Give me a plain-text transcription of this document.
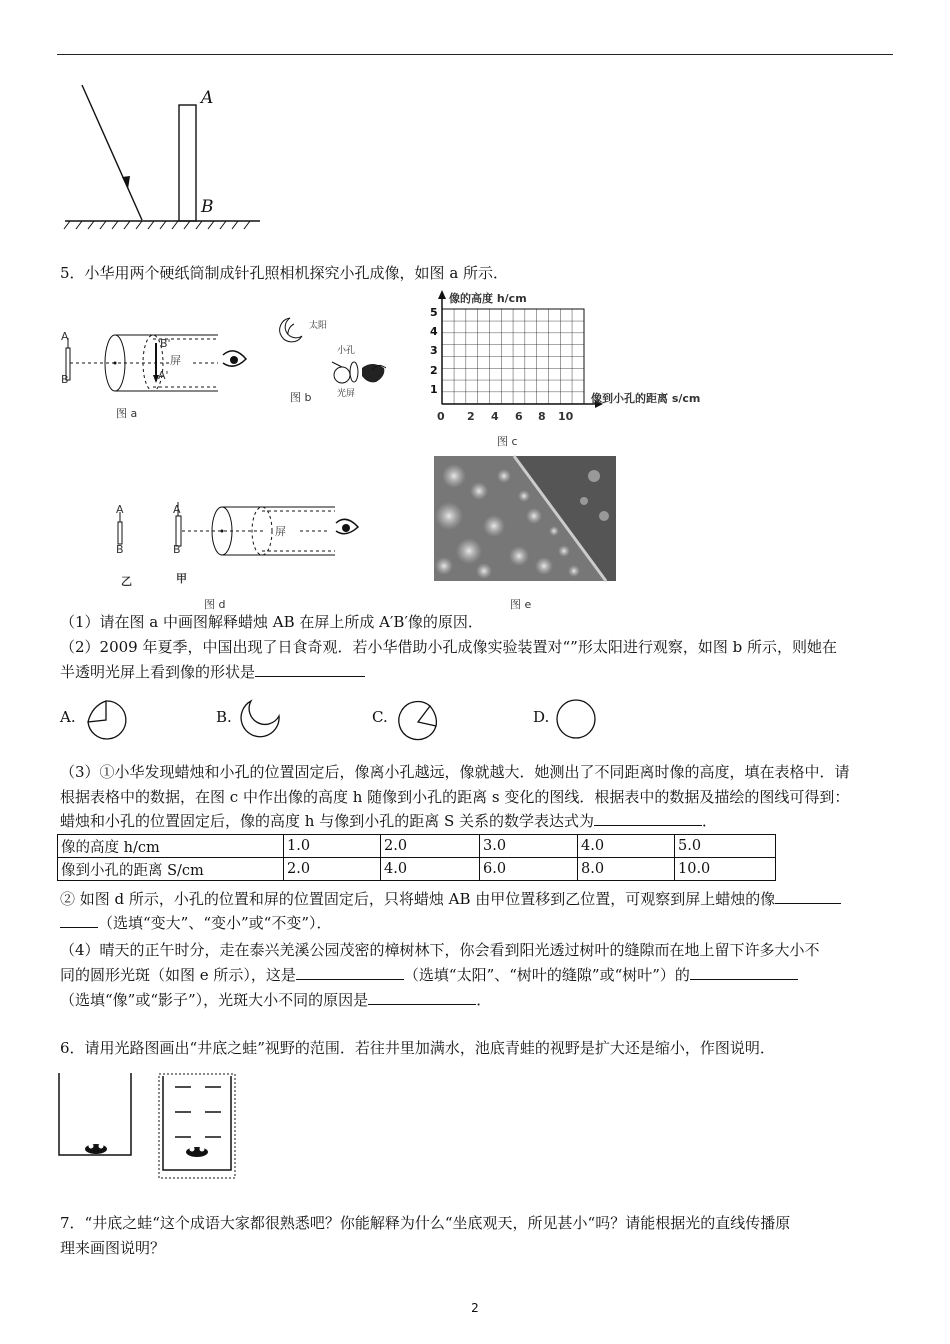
A
B
5．小华用两个硬纸筒制成针孔照相机探究小孔成像，如图 a 所示．
A
B
B'
屏
A'
图 a
太阳
小孔
光屏
图 b
像的高度 h/cm
像到小孔的距离 s/cm
5
4
3
2
1
0 2 4 6 8 10
图 c
A
B
A
B
屏
乙	甲
图 d	图 e
（1）请在图 a 中画图解释蜡烛 AB 在屏上所成 A′B′像的原因．
（2）2009 年夏季，中国出现了日食奇观．若小华借助小孔成像实验装置对“”形太阳进行观察，如图 b 所示，则她在
半透明光屏上看到像的形状是
A.	B.	C.	D.
（3）①小华发现蜡烛和小孔的位置固定后，像离小孔越远，像就越大．她测出了不同距离时像的高度，填在表格中．请
根据表格中的数据，在图 c 中作出像的高度 h 随像到小孔的距离 s 变化的图线．根据表中的数据及描绘的图线可得到：
蜡烛和小孔的位置固定后，像的高度 h 与像到小孔的距离 S 关系的数学表达式为	．
像的高度 h/cm	1.0	2.0	3.0	4.0	5.0
像到小孔的距离 S/cm	2.0	4.0	6.0	8.0	10.0
② 如图 d 所示，小孔的位置和屏的位置固定后，只将蜡烛 AB 由甲位置移到乙位置，可观察到屏上蜡烛的像
（选填“变大”、“变小”或“不变”）．
（4）晴天的正午时分，走在泰兴羌溪公园茂密的樟树林下，你会看到阳光透过树叶的缝隙而在地上留下许多大小不
同的圆形光斑（如图 e 所示），这是	（选填“太阳”、“树叶的缝隙”或“树叶”）的
（选填“像”或“影子”），光斑大小不同的原因是	．
6．请用光路图画出“井底之蛙”视野的范围．若往井里加满水，池底青蛙的视野是扩大还是缩小，作图说明．
7．“井底之蛙“这个成语大家都很熟悉吧？你能解释为什么“坐底观天，所见甚小“吗？请能根据光的直线传播原
理来画图说明？
2
